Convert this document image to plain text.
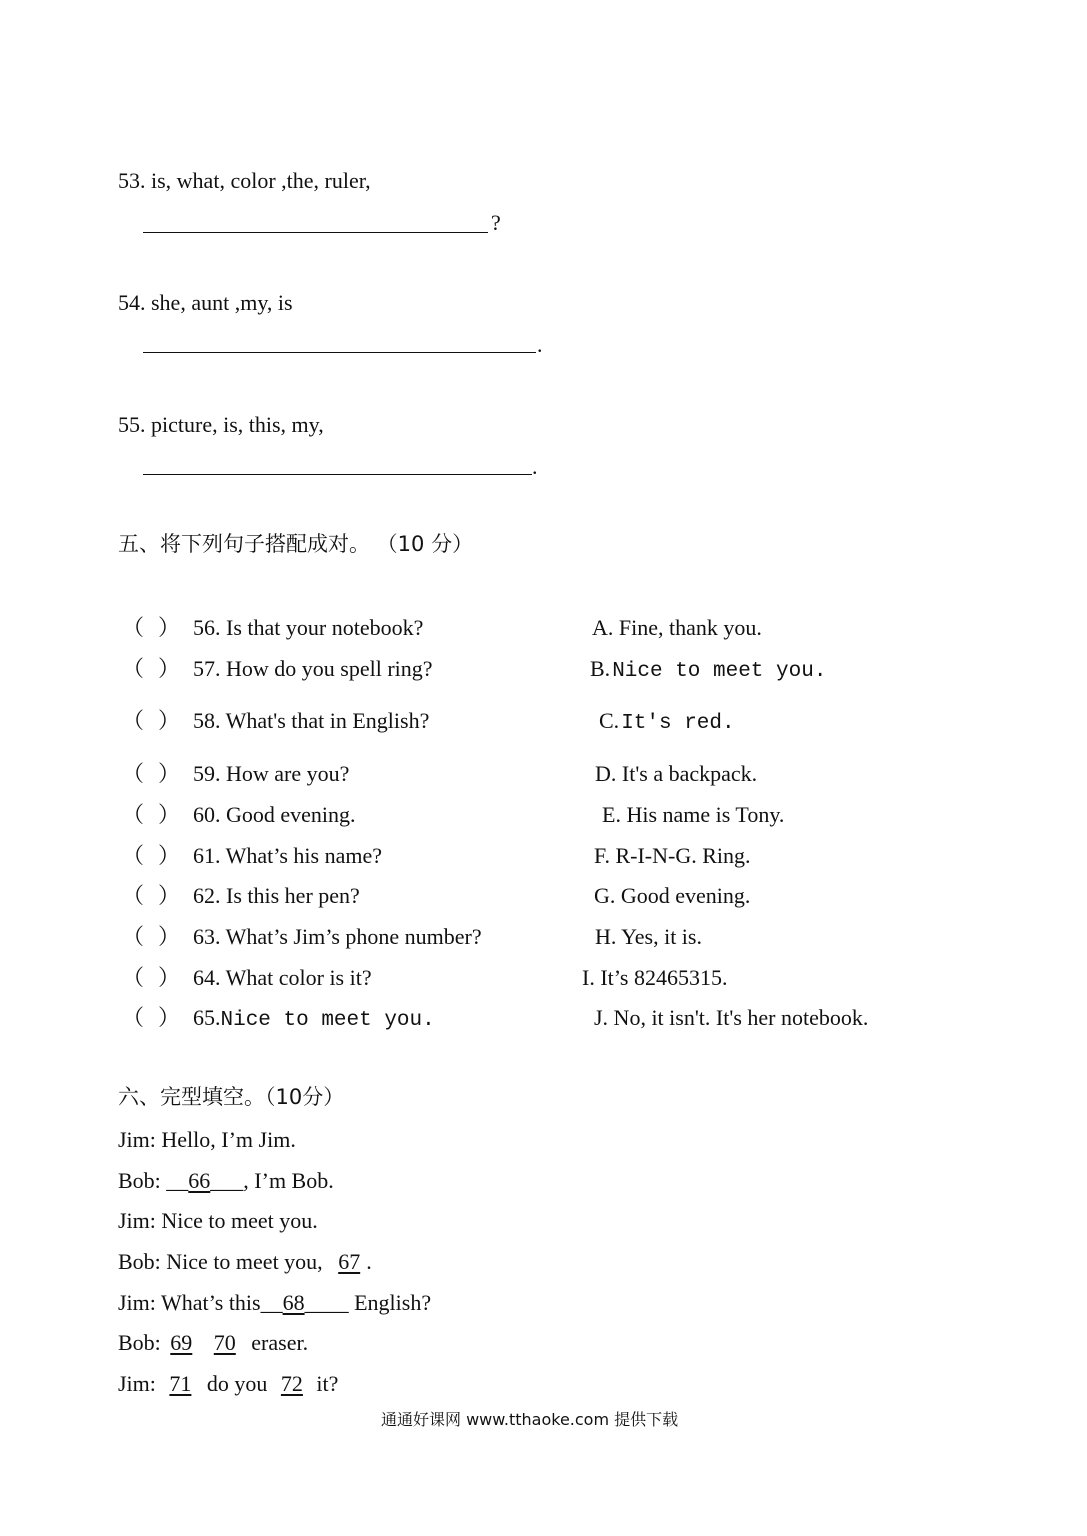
53. is, what, color ,the, ruler,
?
54. she, aunt ,my, is
.
55. picture, is, this, my,
.
五、将下列句子搭配成对。 （10 分）
（ ） 56. Is that your notebook?	A. Fine, thank you.
（ ） 57. How do you spell ring?	B.Nice to meet you.
（ ） 58. What's that in English?	C.It's red.
（ ） 59. How are you?	D. It's a backpack.
（ ） 60. Good evening.	E. His name is Tony.
（ ） 61. What’s his name?	F. R-I-N-G. Ring.
（ ） 62. Is this her pen?	G. Good evening.
（ ） 63. What’s Jim’s phone number?	H. Yes, it is.
（ ） 64. What color is it?	I. It’s 82465315.
（ ） 65.Nice to meet you.	J. No, it isn't. It's her notebook.
六、完型填空。（10分）
Jim: Hello, I’m Jim.
Bob: __66___, I’m Bob.
Jim: Nice to meet you.
Bob: Nice to meet you, 67 .
Jim: What’s this__68____ English?
Bob: 69 70 eraser.
Jim: 71 do you 72 it?
通通好课网 www.tthaoke.com 提供下载
